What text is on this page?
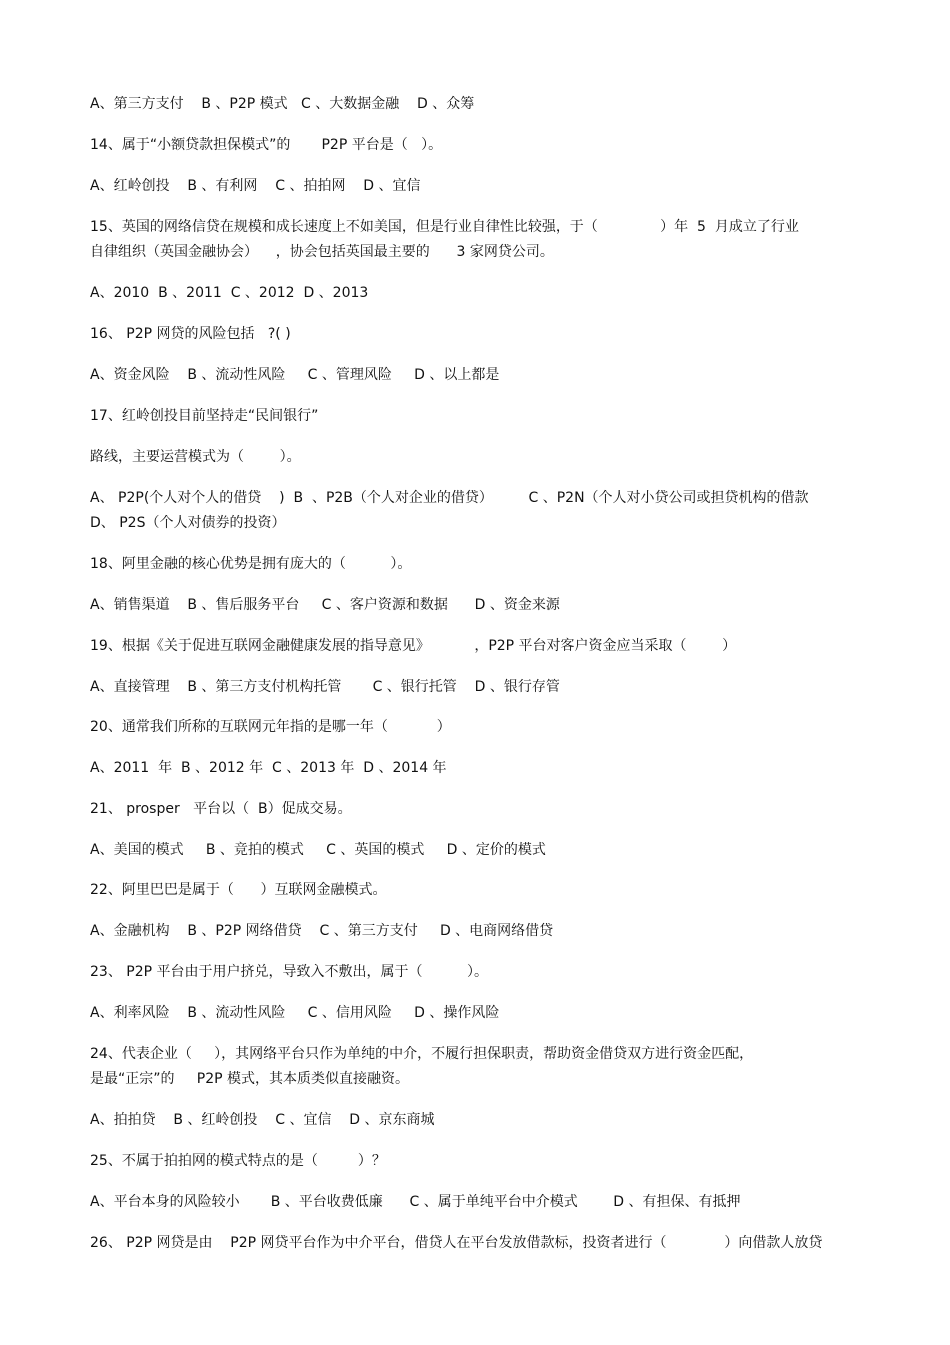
A、第三方支付    B 、P2P 模式   C 、大数据金融    D 、众筹
14、属于“小额贷款担保模式”的       P2P 平台是（   ）。
A、红岭创投    B 、有利网    C 、拍拍网    D 、宜信
15、英国的网络信贷在规模和成长速度上不如美国，但是行业自律性比较强，于（              ）年  5  月成立了行业
自律组织（英国金融协会）    ，协会包括英国最主要的      3 家网贷公司。
A、2010  B 、2011  C 、2012  D 、2013
16、 P2P 网贷的风险包括   ?( )
A、资金风险    B 、流动性风险     C 、管理风险     D 、以上都是
17、红岭创投目前坚持走“民间银行”
路线，主要运营模式为（        ）。
A、 P2P(个人对个人的借贷    )  B  、P2B（个人对企业的借贷）        C 、P2N（个人对小贷公司或担贷机构的借款
D、 P2S（个人对债券的投资）
18、阿里金融的核心优势是拥有庞大的（          ）。
A、销售渠道    B 、售后服务平台     C 、客户资源和数据      D 、资金来源
19、根据《关于促进互联网金融健康发展的指导意见》          ，P2P 平台对客户资金应当采取（        ）
A、直接管理    B 、第三方支付机构托管       C 、银行托管    D 、银行存管
20、通常我们所称的互联网元年指的是哪一年（           ）
A、2011  年  B 、2012 年  C 、2013 年  D 、2014 年
21、 prosper   平台以（  B）促成交易。
A、美国的模式     B 、竞拍的模式     C 、英国的模式     D 、定价的模式
22、阿里巴巴是属于（      ）互联网金融模式。
A、金融机构    B 、P2P 网络借贷    C 、第三方支付     D 、电商网络借贷
23、 P2P 平台由于用户挤兑，导致入不敷出，属于（          ）。
A、利率风险    B 、流动性风险     C 、信用风险     D 、操作风险
24、代表企业（     ），其网络平台只作为单纯的中介，不履行担保职责，帮助资金借贷双方进行资金匹配，
是最“正宗”的     P2P 模式，其本质类似直接融资。
A、拍拍贷    B 、红岭创投    C 、宜信    D 、京东商城
25、不属于拍拍网的模式特点的是（         ）？
A、平台本身的风险较小       B 、平台收费低廉      C 、属于单纯平台中介模式        D 、有担保、有抵押
26、 P2P 网贷是由    P2P 网贷平台作为中介平台，借贷人在平台发放借款标，投资者进行（             ）向借款人放贷
